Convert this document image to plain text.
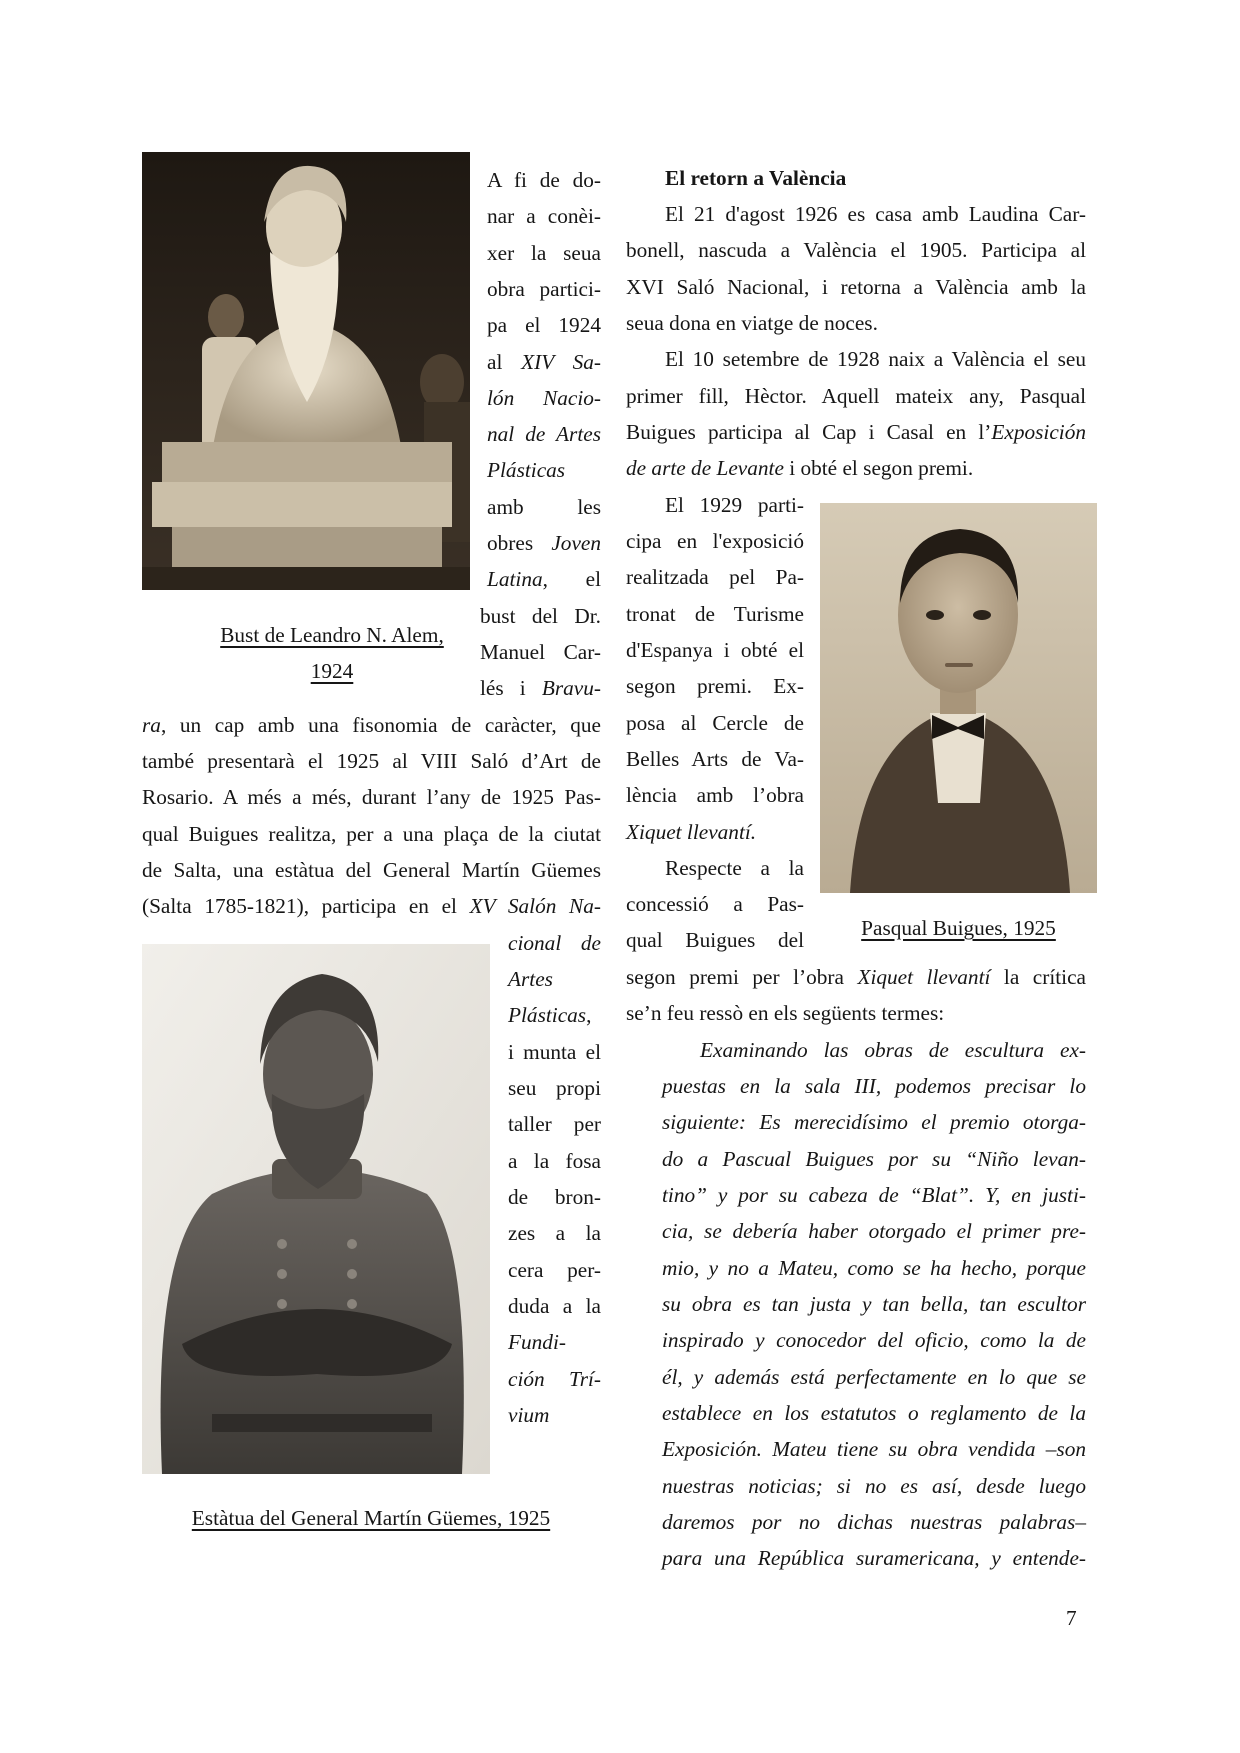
Bust de Leandro N. Alem,
1924
A fi de do-
nar a conèi-
xer la seua
obra partici-
pa el 1924
al XIV Sa-
lón Nacio-
nal de Artes
Plásticas
amb les
obres Joven
Latina, el
bust del Dr.
Manuel Car-
lés i Bravu-
ra, un cap amb una fisonomia de caràcter, que
també presentarà el 1925 al VIII Saló d’Art de
Rosario. A més a més, durant l’any de 1925 Pas-
qual Buigues realitza, per a una plaça de la ciutat
de Salta, una estàtua del General Martín Güemes
(Salta 1785-1821), participa en el XV Salón Na-
cional de
Artes
Plásticas,
i munta el
seu propi
taller per
a la fosa
de bron-
zes a la
cera per-
duda a la
Fundi-
ción Trí-
vium
Estàtua del General Martín Güemes, 1925
El retorn a València
El 21 d'agost 1926 es casa amb Laudina Car-
bonell, nascuda a València el 1905. Participa al
XVI Saló Nacional, i retorna a València amb la
seua dona en viatge de noces.
El 10 setembre de 1928 naix a València el seu
primer fill, Hèctor. Aquell mateix any, Pasqual
Buigues participa al Cap i Casal en l’Exposición
de arte de Levante i obté el segon premi.
El 1929 parti-
cipa en l'exposició
realitzada pel Pa-
tronat de Turisme
d'Espanya i obté el
segon premi. Ex-
posa al Cercle de
Belles Arts de Va-
lència amb l’obra
Xiquet llevantí.
Respecte a la
concessió a Pas-
qual Buigues del	Pasqual Buigues, 1925
segon premi per l’obra Xiquet llevantí la crítica
se’n feu ressò en els següents termes:
Examinando las obras de escultura ex-
puestas en la sala III, podemos precisar lo
siguiente: Es merecidísimo el premio otorga-
do a Pascual Buigues por su “Niño levan-
tino” y por su cabeza de “Blat”. Y, en justi-
cia, se debería haber otorgado el primer pre-
mio, y no a Mateu, como se ha hecho, porque
su obra es tan justa y tan bella, tan escultor
inspirado y conocedor del oficio, como la de
él, y además está perfectamente en lo que se
establece en los estatutos o reglamento de la
Exposición. Mateu tiene su obra vendida –son
nuestras noticias; si no es así, desde luego
daremos por no dichas nuestras palabras–
para una República suramericana, y entende-
7
